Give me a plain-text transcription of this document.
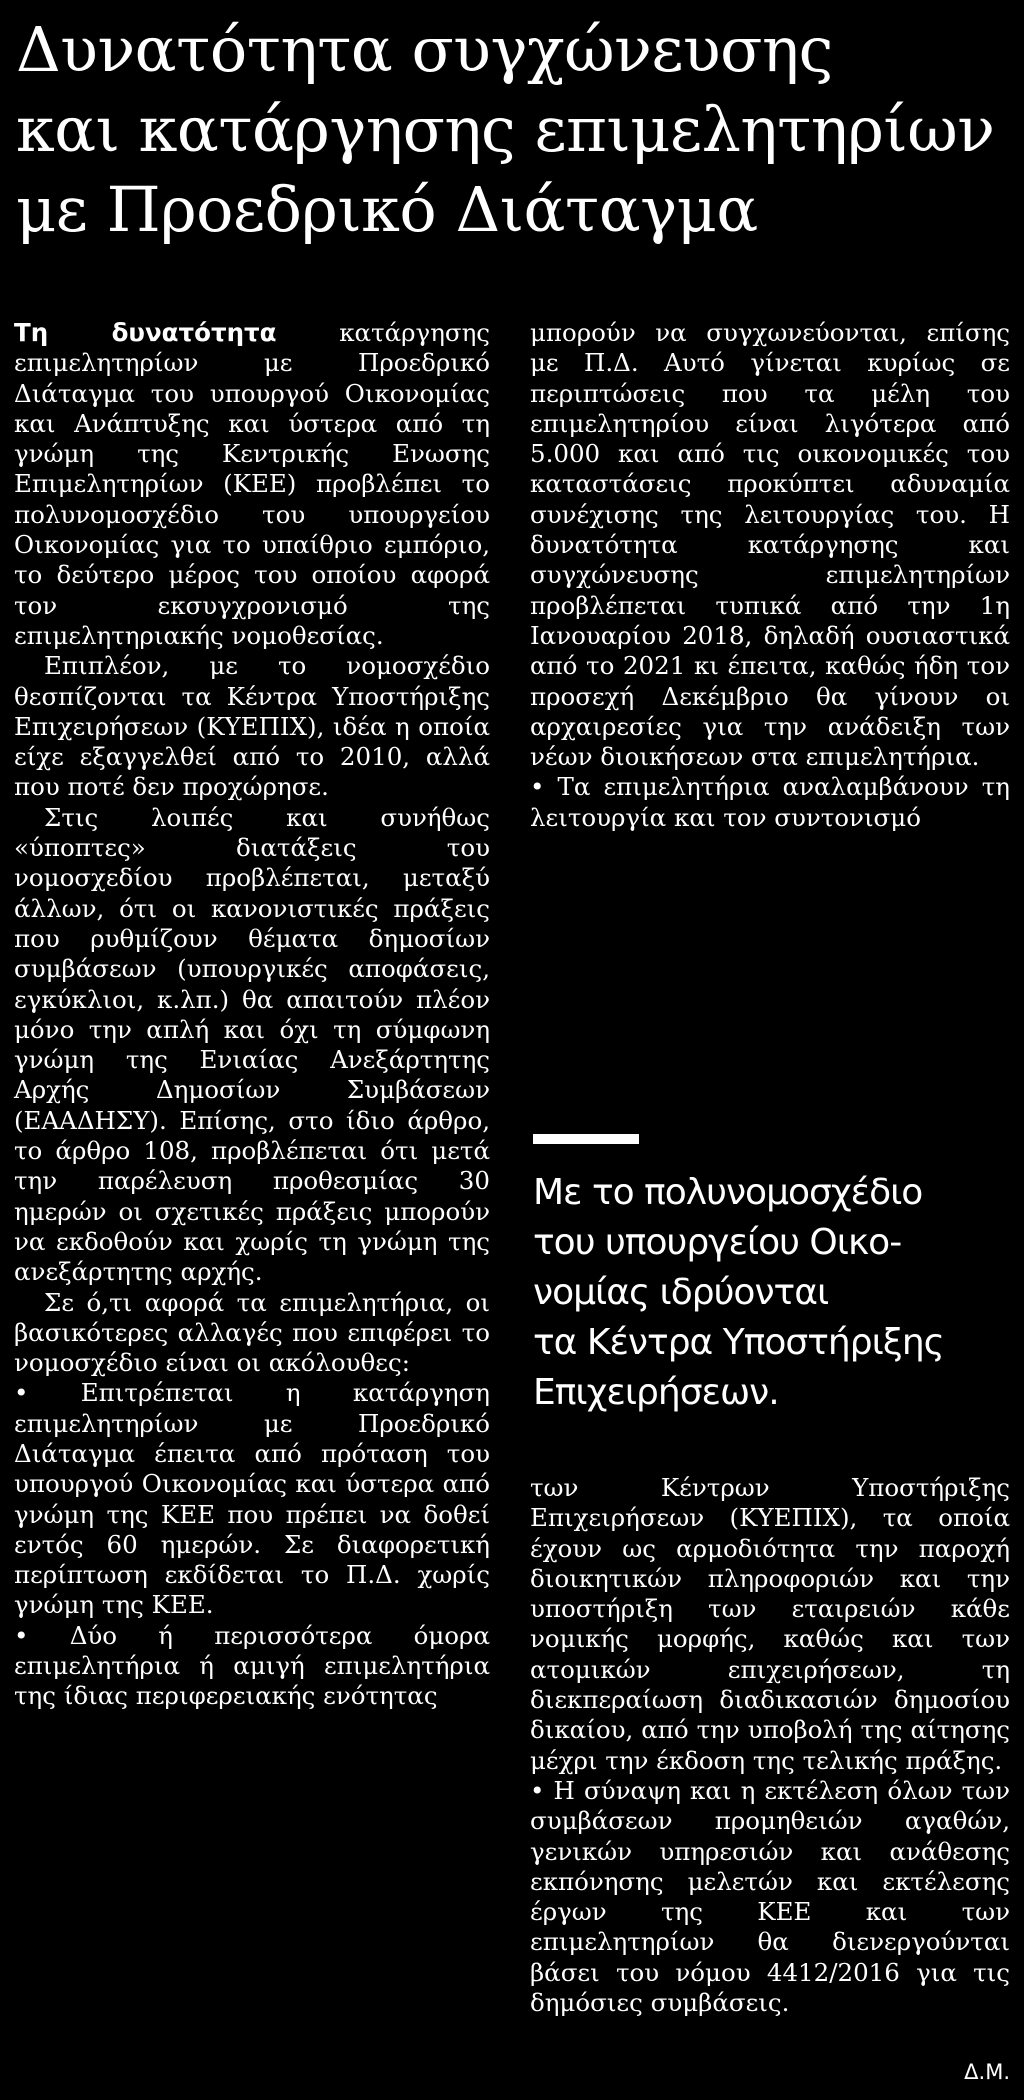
Δυνατότητα συγχώνευσης
και κατάργησης επιμελητηρίων
με Προεδρικό Διάταγμα

Τη δυνατότητα κατάργησης επιμελητηρίων με Προεδρικό Διάταγμα του υπουργού Οικονομίας και Ανάπτυξης και ύστερα από τη γνώμη της Κεντρικής Ενωσης Επιμελητηρίων (ΚΕΕ) προβλέπει το πολυνομοσχέδιο του υπουργείου Οικονομίας για το υπαίθριο εμπόριο, το δεύτερο μέρος του οποίου αφορά τον εκσυγχρονισμό της επιμελητηριακής νομοθεσίας.

Επιπλέον, με το νομοσχέδιο θεσπίζονται τα Κέντρα Υποστήριξης Επιχειρήσεων (ΚΥΕΠΙΧ), ιδέα η οποία είχε εξαγγελθεί από το 2010, αλλά που ποτέ δεν προχώρησε.

Στις λοιπές και συνήθως «ύποπτες» διατάξεις του νομοσχεδίου προβλέπεται, μεταξύ άλλων, ότι οι κανονιστικές πράξεις που ρυθμίζουν θέματα δημοσίων συμβάσεων (υπουργικές αποφάσεις, εγκύκλιοι, κ.λπ.) θα απαιτούν πλέον μόνο την απλή και όχι τη σύμφωνη γνώμη της Ενιαίας Ανεξάρτητης Αρχής Δημοσίων Συμβάσεων (ΕΑΑΔΗΣΥ). Επίσης, στο ίδιο άρθρο, το άρθρο 108, προβλέπεται ότι μετά την παρέλευση προθεσμίας 30 ημερών οι σχετικές πράξεις μπορούν να εκδοθούν και χωρίς τη γνώμη της ανεξάρτητης αρχής.

Σε ό,τι αφορά τα επιμελητήρια, οι βασικότερες αλλαγές που επιφέρει το νομοσχέδιο είναι οι ακόλουθες:

• Επιτρέπεται η κατάργηση επιμελητηρίων με Προεδρικό Διάταγμα έπειτα από πρόταση του υπουργού Οικονομίας και ύστερα από γνώμη της ΚΕΕ που πρέπει να δοθεί εντός 60 ημερών. Σε διαφορετική περίπτωση εκδίδεται το Π.Δ. χωρίς γνώμη της ΚΕΕ.

• Δύο ή περισσότερα όμορα επιμελητήρια ή αμιγή επιμελητήρια της ίδιας περιφερειακής ενότητας

μπορούν να συγχωνεύονται, επίσης με Π.Δ. Αυτό γίνεται κυρίως σε περιπτώσεις που τα μέλη του επιμελητηρίου είναι λιγότερα από 5.000 και από τις οικονομικές του καταστάσεις προκύπτει αδυναμία συνέχισης της λειτουργίας του. Η δυνατότητα κατάργησης και συγχώνευσης επιμελητηρίων προβλέπεται τυπικά από την 1η Ιανουαρίου 2018, δηλαδή ουσιαστικά από το 2021 κι έπειτα, καθώς ήδη τον προσεχή Δεκέμβριο θα γίνουν οι αρχαιρεσίες για την ανάδειξη των νέων διοικήσεων στα επιμελητήρια.

• Τα επιμελητήρια αναλαμβάνουν τη λειτουργία και τον συντονισμό

Με το πολυνομοσχέδιο
του υπουργείου Οικο-
νομίας ιδρύονται
τα Κέντρα Υποστήριξης
Επιχειρήσεων.

των Κέντρων Υποστήριξης Επιχειρήσεων (ΚΥΕΠΙΧ), τα οποία έχουν ως αρμοδιότητα την παροχή διοικητικών πληροφοριών και την υποστήριξη των εταιρειών κάθε νομικής μορφής, καθώς και των ατομικών επιχειρήσεων, τη διεκπεραίωση διαδικασιών δημοσίου δικαίου, από την υποβολή της αίτησης μέχρι την έκδοση της τελικής πράξης.

• Η σύναψη και η εκτέλεση όλων των συμβάσεων προμηθειών αγαθών, γενικών υπηρεσιών και ανάθεσης εκπόνησης μελετών και εκτέλεσης έργων της ΚΕΕ και των επιμελητηρίων θα διενεργούνται βάσει του νόμου 4412/2016 για τις δημόσιες συμβάσεις.

Δ.Μ.
